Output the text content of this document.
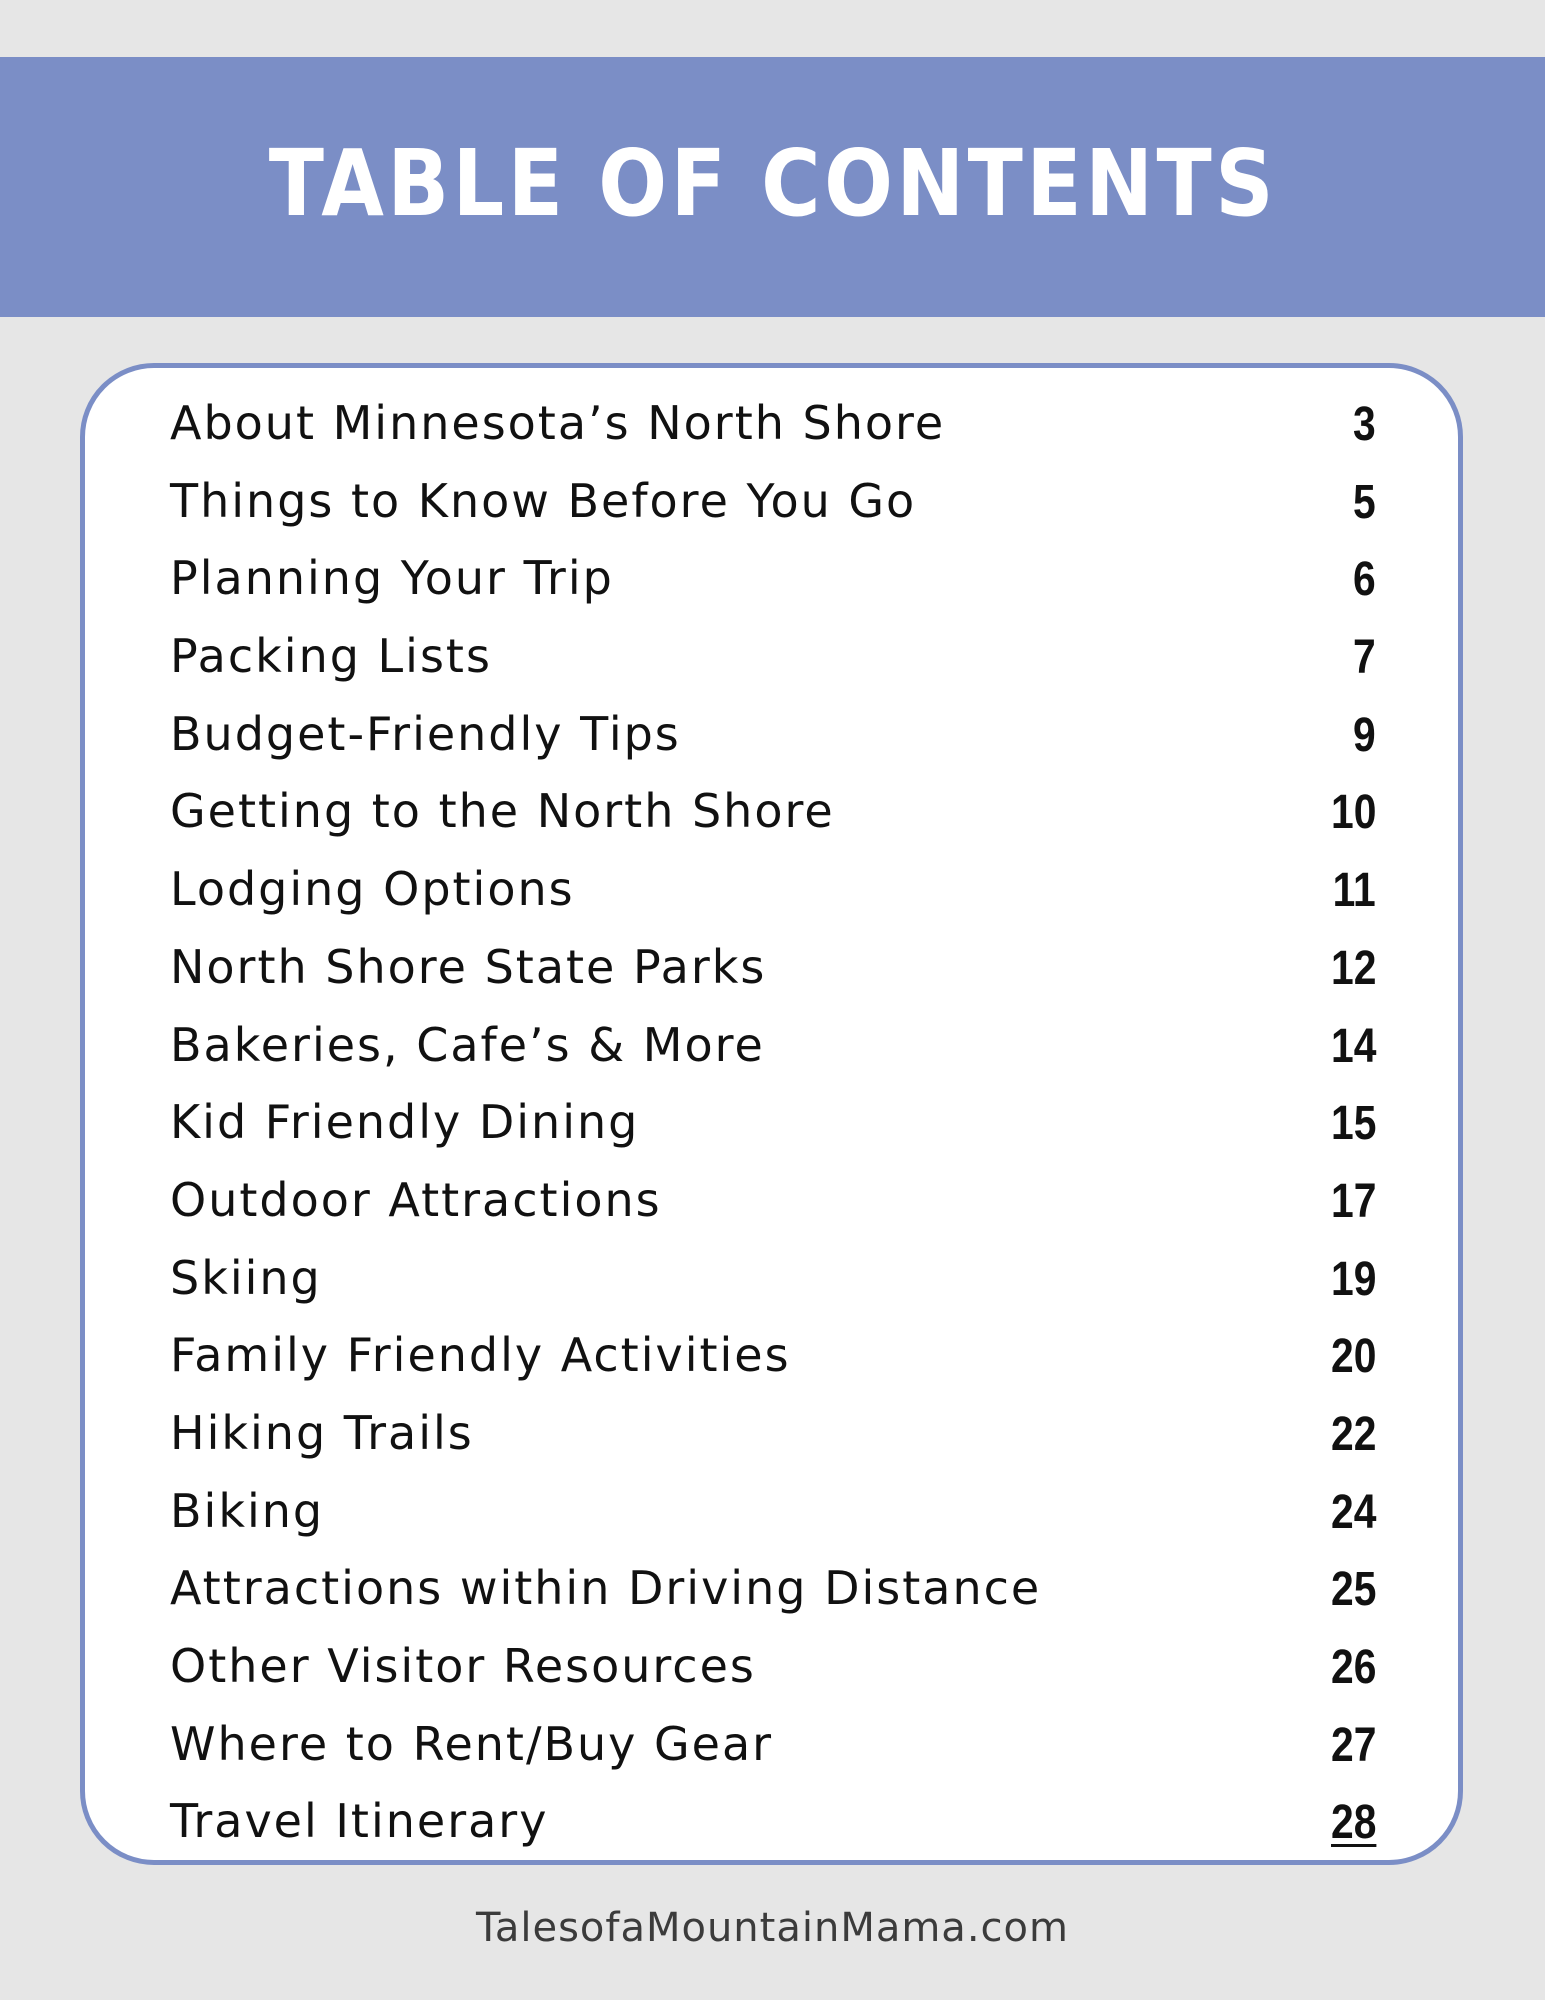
TABLE OF CONTENTS
About Minnesota’s North Shore	3
Things to Know Before You Go	5
Planning Your Trip	6
Packing Lists	7
Budget-Friendly Tips	9
Getting to the North Shore	10
Lodging Options	11
North Shore State Parks	12
Bakeries, Cafe’s & More	14
Kid Friendly Dining	15
Outdoor Attractions	17
Skiing	19
Family Friendly Activities	20
Hiking Trails	22
Biking	24
Attractions within Driving Distance	25
Other Visitor Resources	26
Where to Rent/Buy Gear	27
Travel Itinerary	28
TalesofaMountainMama.com
